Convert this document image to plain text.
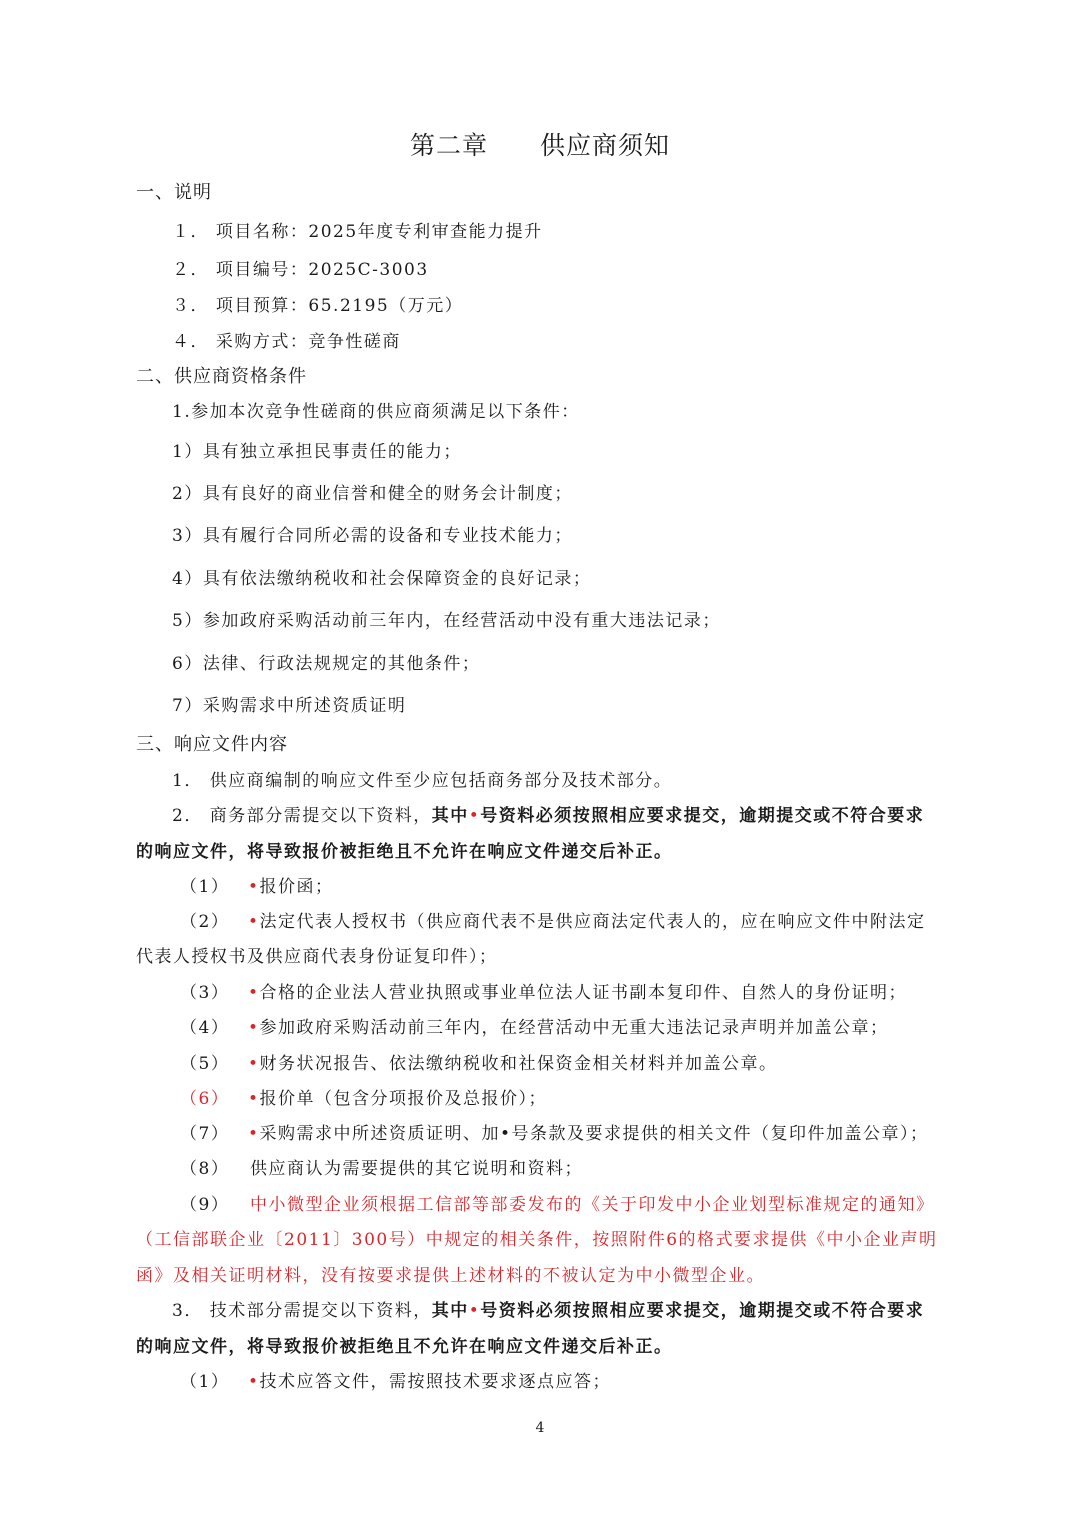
第二章　　供应商须知
一、说明
１． 项目名称：2025年度专利审查能力提升
２． 项目编号：2025C-3003
３． 项目预算：65.2195（万元）
４． 采购方式：竞争性磋商
二、供应商资格条件
1.参加本次竞争性磋商的供应商须满足以下条件：
1）具有独立承担民事责任的能力；
2）具有良好的商业信誉和健全的财务会计制度；
3）具有履行合同所必需的设备和专业技术能力；
4）具有依法缴纳税收和社会保障资金的良好记录；
5）参加政府采购活动前三年内，在经营活动中没有重大违法记录；
6）法律、行政法规规定的其他条件；
7）采购需求中所述资质证明
三、响应文件内容
1． 供应商编制的响应文件至少应包括商务部分及技术部分。
2． 商务部分需提交以下资料，其中•号资料必须按照相应要求提交，逾期提交或不符合要求
的响应文件，将导致报价被拒绝且不允许在响应文件递交后补正。
（1） •报价函；
（2） •法定代表人授权书（供应商代表不是供应商法定代表人的，应在响应文件中附法定
代表人授权书及供应商代表身份证复印件）；
（3） •合格的企业法人营业执照或事业单位法人证书副本复印件、自然人的身份证明；
（4） •参加政府采购活动前三年内，在经营活动中无重大违法记录声明并加盖公章；
（5） •财务状况报告、依法缴纳税收和社保资金相关材料并加盖公章。
（6） •报价单（包含分项报价及总报价）；
（7） •采购需求中所述资质证明、加•号条款及要求提供的相关文件（复印件加盖公章）；
（8） 供应商认为需要提供的其它说明和资料；
（9） 中小微型企业须根据工信部等部委发布的《关于印发中小企业划型标准规定的通知》
（工信部联企业〔2011〕300号）中规定的相关条件，按照附件6的格式要求提供《中小企业声明
函》及相关证明材料，没有按要求提供上述材料的不被认定为中小微型企业。
3． 技术部分需提交以下资料，其中•号资料必须按照相应要求提交，逾期提交或不符合要求
的响应文件，将导致报价被拒绝且不允许在响应文件递交后补正。
（1） •技术应答文件，需按照技术要求逐点应答；
4
